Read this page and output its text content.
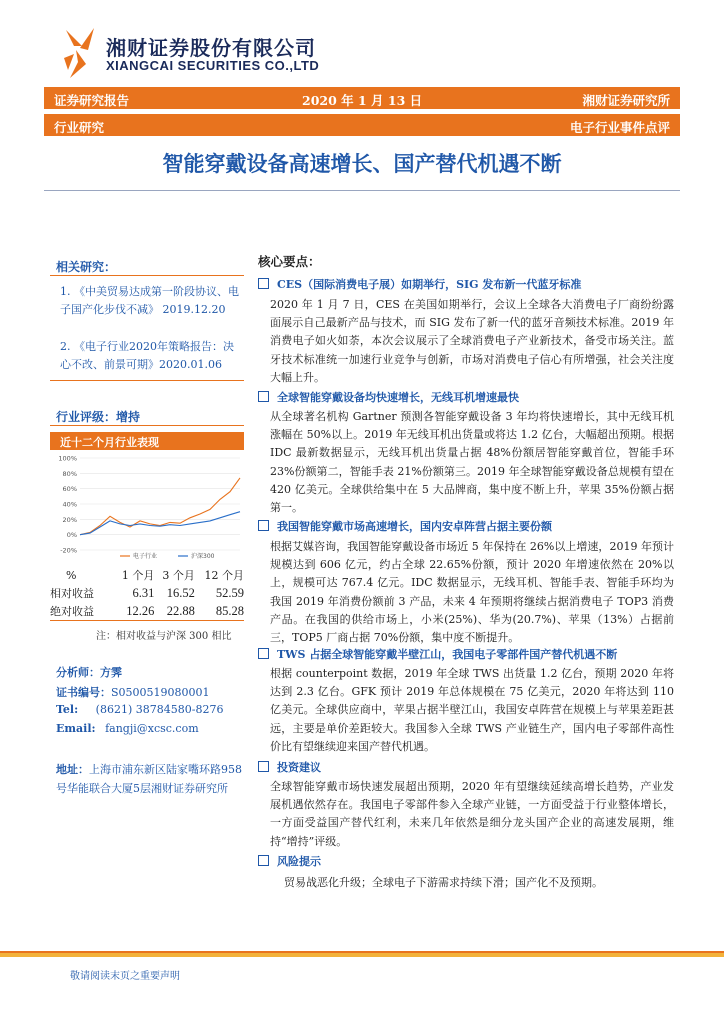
湘财证券股份有限公司
XIANGCAI SECURITIES CO.,LTD
证券研究报告	2020 年 1 月 13 日	湘财证券研究所
行业研究	电子行业事件点评
智能穿戴设备高速增长、国产替代机遇不断
相关研究：
1. 《中美贸易达成第一阶段协议、电子国产化步伐不减》 2019.12.20
2. 《电子行业2020年策略报告：决心不改、前景可期》2020.01.06
行业评级：增持
近十二个月行业表现
100%
80%
60%
40%
20%
0%
-20%
电子行业	沪深300
%	1 个月	3 个月	12 个月
相对收益	6.31	16.52	52.59
绝对收益	12.26	22.88	85.28
注：相对收益与沪深 300 相比
分析师：方霁
证书编号：S0500519080001
Tel: (8621) 38784580-8276
Email: fangji@xcsc.com
地址：上海市浦东新区陆家嘴环路958号华能联合大厦5层湘财证券研究所
核心要点：
CES（国际消费电子展）如期举行，SIG 发布新一代蓝牙标准
2020 年 1 月 7 日，CES 在美国如期举行，会议上全球各大消费电子厂商纷纷露面展示自己最新产品与技术，而 SIG 发布了新一代的蓝牙音频技术标准。2019 年消费电子如火如荼，本次会议展示了全球消费电子产业新技术，备受市场关注。蓝牙技术标准统一加速行业竞争与创新，市场对消费电子信心有所增强，社会关注度大幅上升。
全球智能穿戴设备均快速增长，无线耳机增速最快
从全球著名机构 Gartner 预测各智能穿戴设备 3 年均将快速增长，其中无线耳机涨幅在 50%以上。2019 年无线耳机出货量或将达 1.2 亿台，大幅超出预期。根据 IDC 最新数据显示，无线耳机出货量占据 48%份额居智能穿戴首位，智能手环 23%份额第二，智能手表 21%份额第三。2019 年全球智能穿戴设备总规模有望在 420 亿美元。全球供给集中在 5 大品牌商，集中度不断上升，苹果 35%份额占据第一。
我国智能穿戴市场高速增长，国内安卓阵营占据主要份额
根据艾媒咨询，我国智能穿戴设备市场近 5 年保持在 26%以上增速，2019 年预计规模达到 606 亿元，约占全球 22.65%份额，预计 2020 年增速依然在 20%以上，规模可达 767.4 亿元。IDC 数据显示，无线耳机、智能手表、智能手环均为我国 2019 年消费份额前 3 产品，未来 4 年预期将继续占据消费电子 TOP3 消费产品。在我国的供给市场上，小米(25%)、华为(20.7%)、苹果（13%）占据前三，TOP5 厂商占据 70%份额，集中度不断提升。
TWS 占据全球智能穿戴半壁江山，我国电子零部件国产替代机遇不断
根据 counterpoint 数据，2019 年全球 TWS 出货量 1.2 亿台，预期 2020 年将达到 2.3 亿台。GFK 预计 2019 年总体规模在 75 亿美元，2020 年将达到 110 亿美元。全球供应商中，苹果占据半壁江山，我国安卓阵营在规模上与苹果差距甚远，主要是单价差距较大。我国参入全球 TWS 产业链生产，国内电子零部件高性价比有望继续迎来国产替代机遇。
投资建议
全球智能穿戴市场快速发展超出预期，2020 年有望继续延续高增长趋势，产业发展机遇依然存在。我国电子零部件参入全球产业链，一方面受益于行业整体增长，一方面受益国产替代红利，未来几年依然是细分龙头国产企业的高速发展期，维持“增持”评级。
风险提示
贸易战恶化升级；全球电子下游需求持续下滑；国产化不及预期。
敬请阅读末页之重要声明
